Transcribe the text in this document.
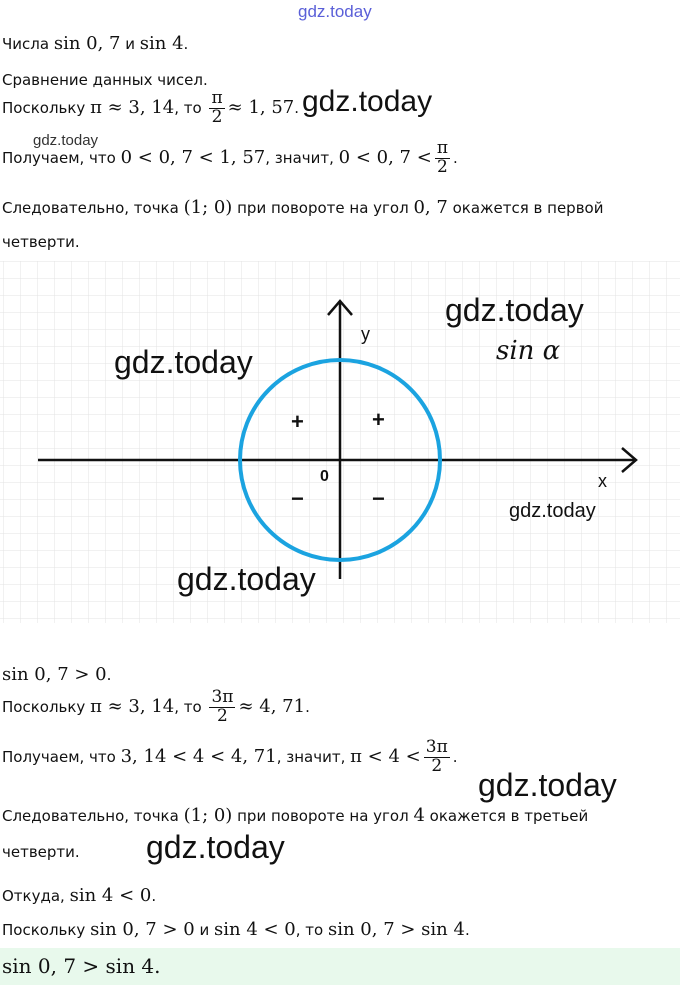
gdz.today
Числа sin 0, 7 и sin 4.
Сравнение данных чисел.
Поскольку π ≈ 3, 14, то $\frac{\pi}{2} \approx 1$, 57. gdz.today
gdz.today
Получаем, что 0 < 0, 7 < 1, 57, значит, 0 < 0, $7 < \frac{\pi}{2}$ .
Следовательно, точка (1; 0) при повороте на угол 0, 7 окажется в первой
четверти.
y
x
0
+	+
−	−
sin α
gdz.today
gdz.today
gdz.today
gdz.today
sin 0, 7 > 0.
Поскольку π ≈ 3, 14, то $\frac{3\pi}{2} \approx 4$, 71.
Получаем, что 3, 14 < 4 < 4, 71, значит, $\pi < 4 < \frac{3\pi}{2}$ .
gdz.today
Следовательно, точка (1; 0) при повороте на угол 4 окажется в третьей
четверти. gdz.today
Откуда, sin 4 < 0.
Поскольку sin 0, 7 > 0 и sin 4 < 0, то sin 0, 7 > sin 4.
sin 0, 7 > sin 4.
